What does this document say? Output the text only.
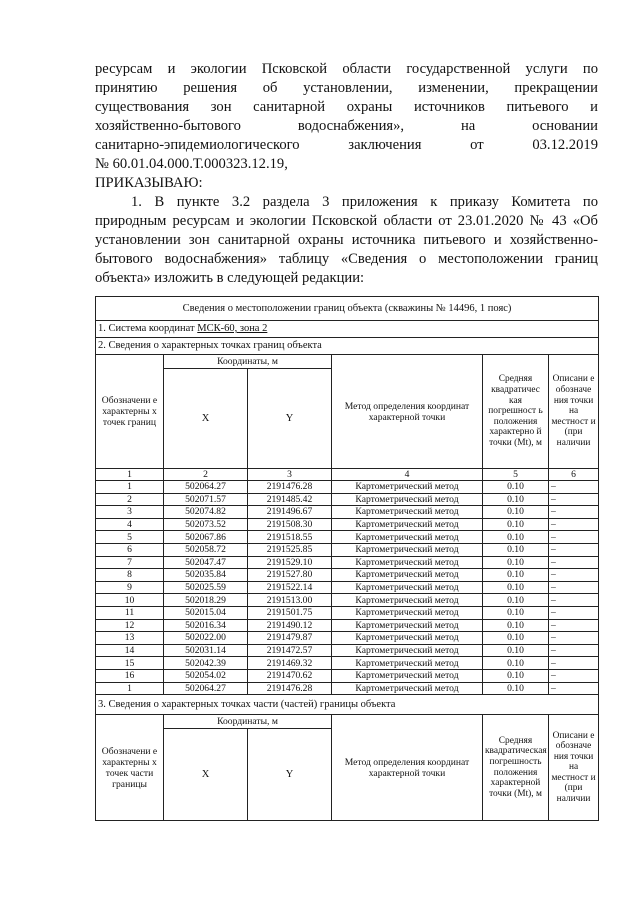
ресурсам и экологии Псковской области государственной услуги по

принятию решения об установлении, изменении, прекращении

существования зон санитарной охраны источников питьевого и

хозяйственно-бытового водоснабжения», на основании

санитарно-эпидемиологического заключения от 03.12.2019

№ 60.01.04.000.Т.000323.12.19,

ПРИКАЗЫВАЮ:

1. В пункте 3.2 раздела 3 приложения к приказу Комитета по

природным ресурсам и экологии Псковской области от 23.01.2020 № 43 «Об

установлении зон санитарной охраны источника питьевого и хозяйственно-

бытового водоснабжения» таблицу «Сведения о местоположении границ

объекта» изложить в следующей редакции:

Сведения о местоположении границ объекта (скважины № 14496, 1 пояс)					
1. Система координат МСК-60, зона 2					
2. Сведения о характерных точках границ объекта					
Обозначени е характерны х точек границ	Координаты, м		Метод определения координат характерной точки	Средняя квадратичес кая погрешност ь положения характерно й точки (Mt), м	Описани е обозначе ния точки на местност и (при наличии
	X	Y			
1	2	3	4	5	6
1	502064.27	2191476.28	Картометрический метод	0.10	–
2	502071.57	2191485.42	Картометрический метод	0.10	–
3	502074.82	2191496.67	Картометрический метод	0.10	–
4	502073.52	2191508.30	Картометрический метод	0.10	–
5	502067.86	2191518.55	Картометрический метод	0.10	–
6	502058.72	2191525.85	Картометрический метод	0.10	–
7	502047.47	2191529.10	Картометрический метод	0.10	–
8	502035.84	2191527.80	Картометрический метод	0.10	–
9	502025.59	2191522.14	Картометрический метод	0.10	–
10	502018.29	2191513.00	Картометрический метод	0.10	–
11	502015.04	2191501.75	Картометрический метод	0.10	–
12	502016.34	2191490.12	Картометрический метод	0.10	–
13	502022.00	2191479.87	Картометрический метод	0.10	–
14	502031.14	2191472.57	Картометрический метод	0.10	–
15	502042.39	2191469.32	Картометрический метод	0.10	–
16	502054.02	2191470.62	Картометрический метод	0.10	–
1	502064.27	2191476.28	Картометрический метод	0.10	–
3. Сведения о характерных точках части (частей) границы объекта					
Обозначени е характерны х точек части границы	Координаты, м		Метод определения координат характерной точки	Средняя квадратическая погрешность положения характерной точки (Mt), м	Описани е обозначе ния точки на местност и (при наличии
	X	Y			
